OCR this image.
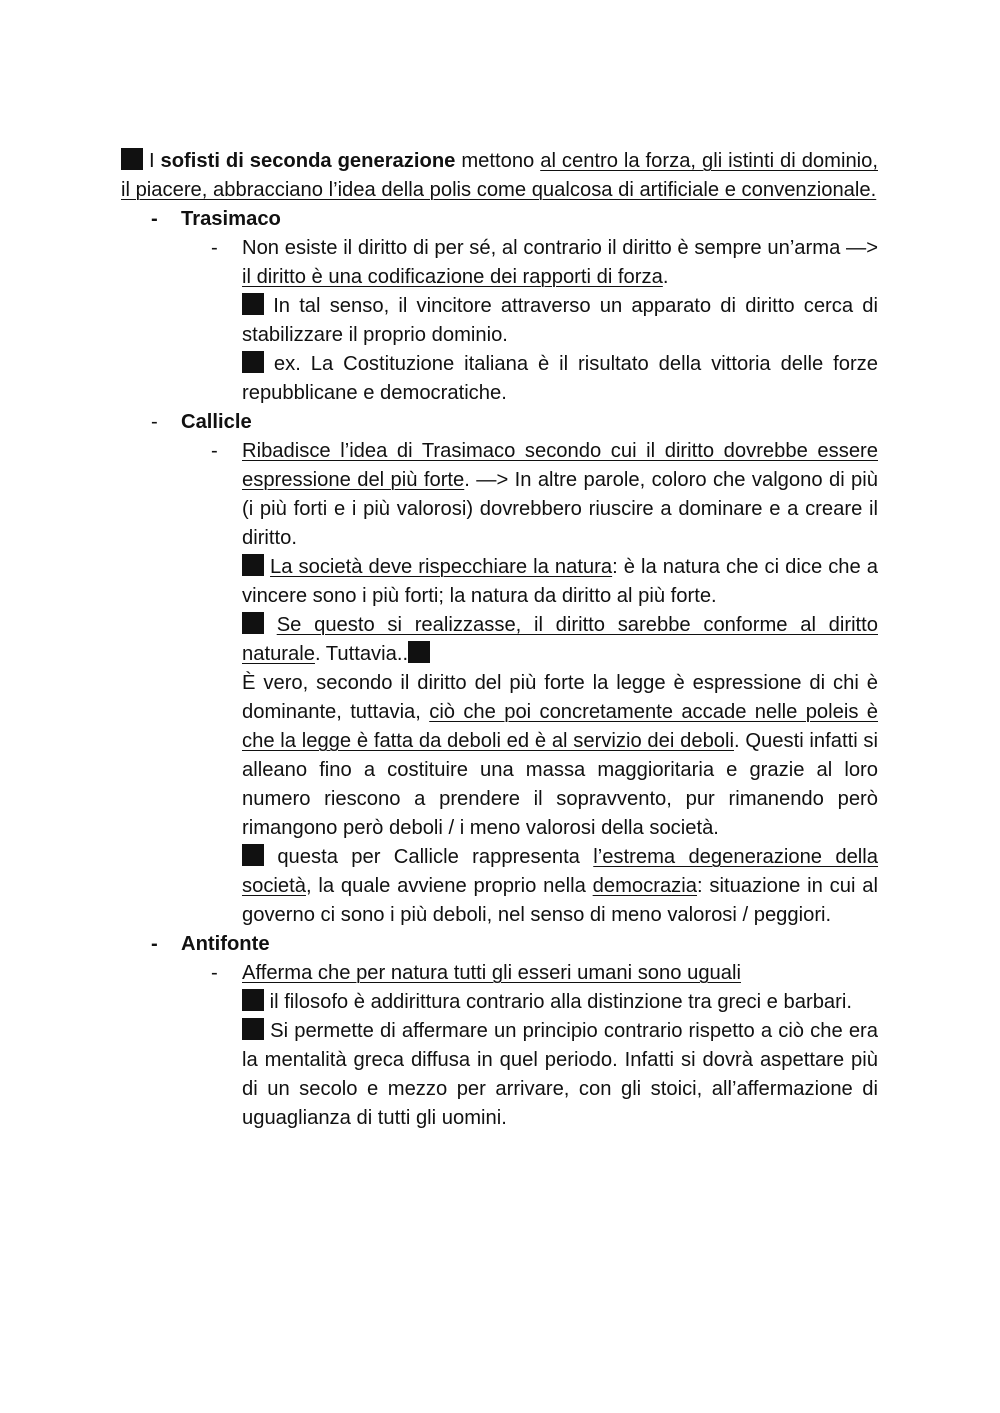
I sofisti di seconda generazione mettono al centro la forza, gli istinti di dominio, il piacere, abbracciano l’idea della polis come qualcosa di artificiale e convenzionale.
- Trasimaco
- Non esiste il diritto di per sé, al contrario il diritto è sempre un’arma —> il diritto è una codificazione dei rapporti di forza.
In tal senso, il vincitore attraverso un apparato di diritto cerca di stabilizzare il proprio dominio.
ex. La Costituzione italiana è il risultato della vittoria delle forze repubblicane e democratiche.
- Callicle
- Ribadisce l’idea di Trasimaco secondo cui il diritto dovrebbe essere espressione del più forte. —> In altre parole, coloro che valgono di più (i più forti e i più valorosi) dovrebbero riuscire a dominare e a creare il diritto.
La società deve rispecchiare la natura: è la natura che ci dice che a vincere sono i più forti; la natura da diritto al più forte.
Se questo si realizzasse, il diritto sarebbe conforme al diritto naturale. Tuttavia..
È vero, secondo il diritto del più forte la legge è espressione di chi è dominante, tuttavia, ciò che poi concretamente accade nelle poleis è che la legge è fatta da deboli ed è al servizio dei deboli. Questi infatti si alleano fino a costituire una massa maggioritaria e grazie al loro numero riescono a prendere il sopravvento, pur rimanendo però rimangono però deboli / i meno valorosi della società.
questa per Callicle rappresenta l’estrema degenerazione della società, la quale avviene proprio nella democrazia: situazione in cui al governo ci sono i più deboli, nel senso di meno valorosi / peggiori.
- Antifonte
- Afferma che per natura tutti gli esseri umani sono uguali
il filosofo è addirittura contrario alla distinzione tra greci e barbari.
Si permette di affermare un principio contrario rispetto a ciò che era la mentalità greca diffusa in quel periodo. Infatti si dovrà aspettare più di un secolo e mezzo per arrivare, con gli stoici, all’affermazione di uguaglianza di tutti gli uomini.
